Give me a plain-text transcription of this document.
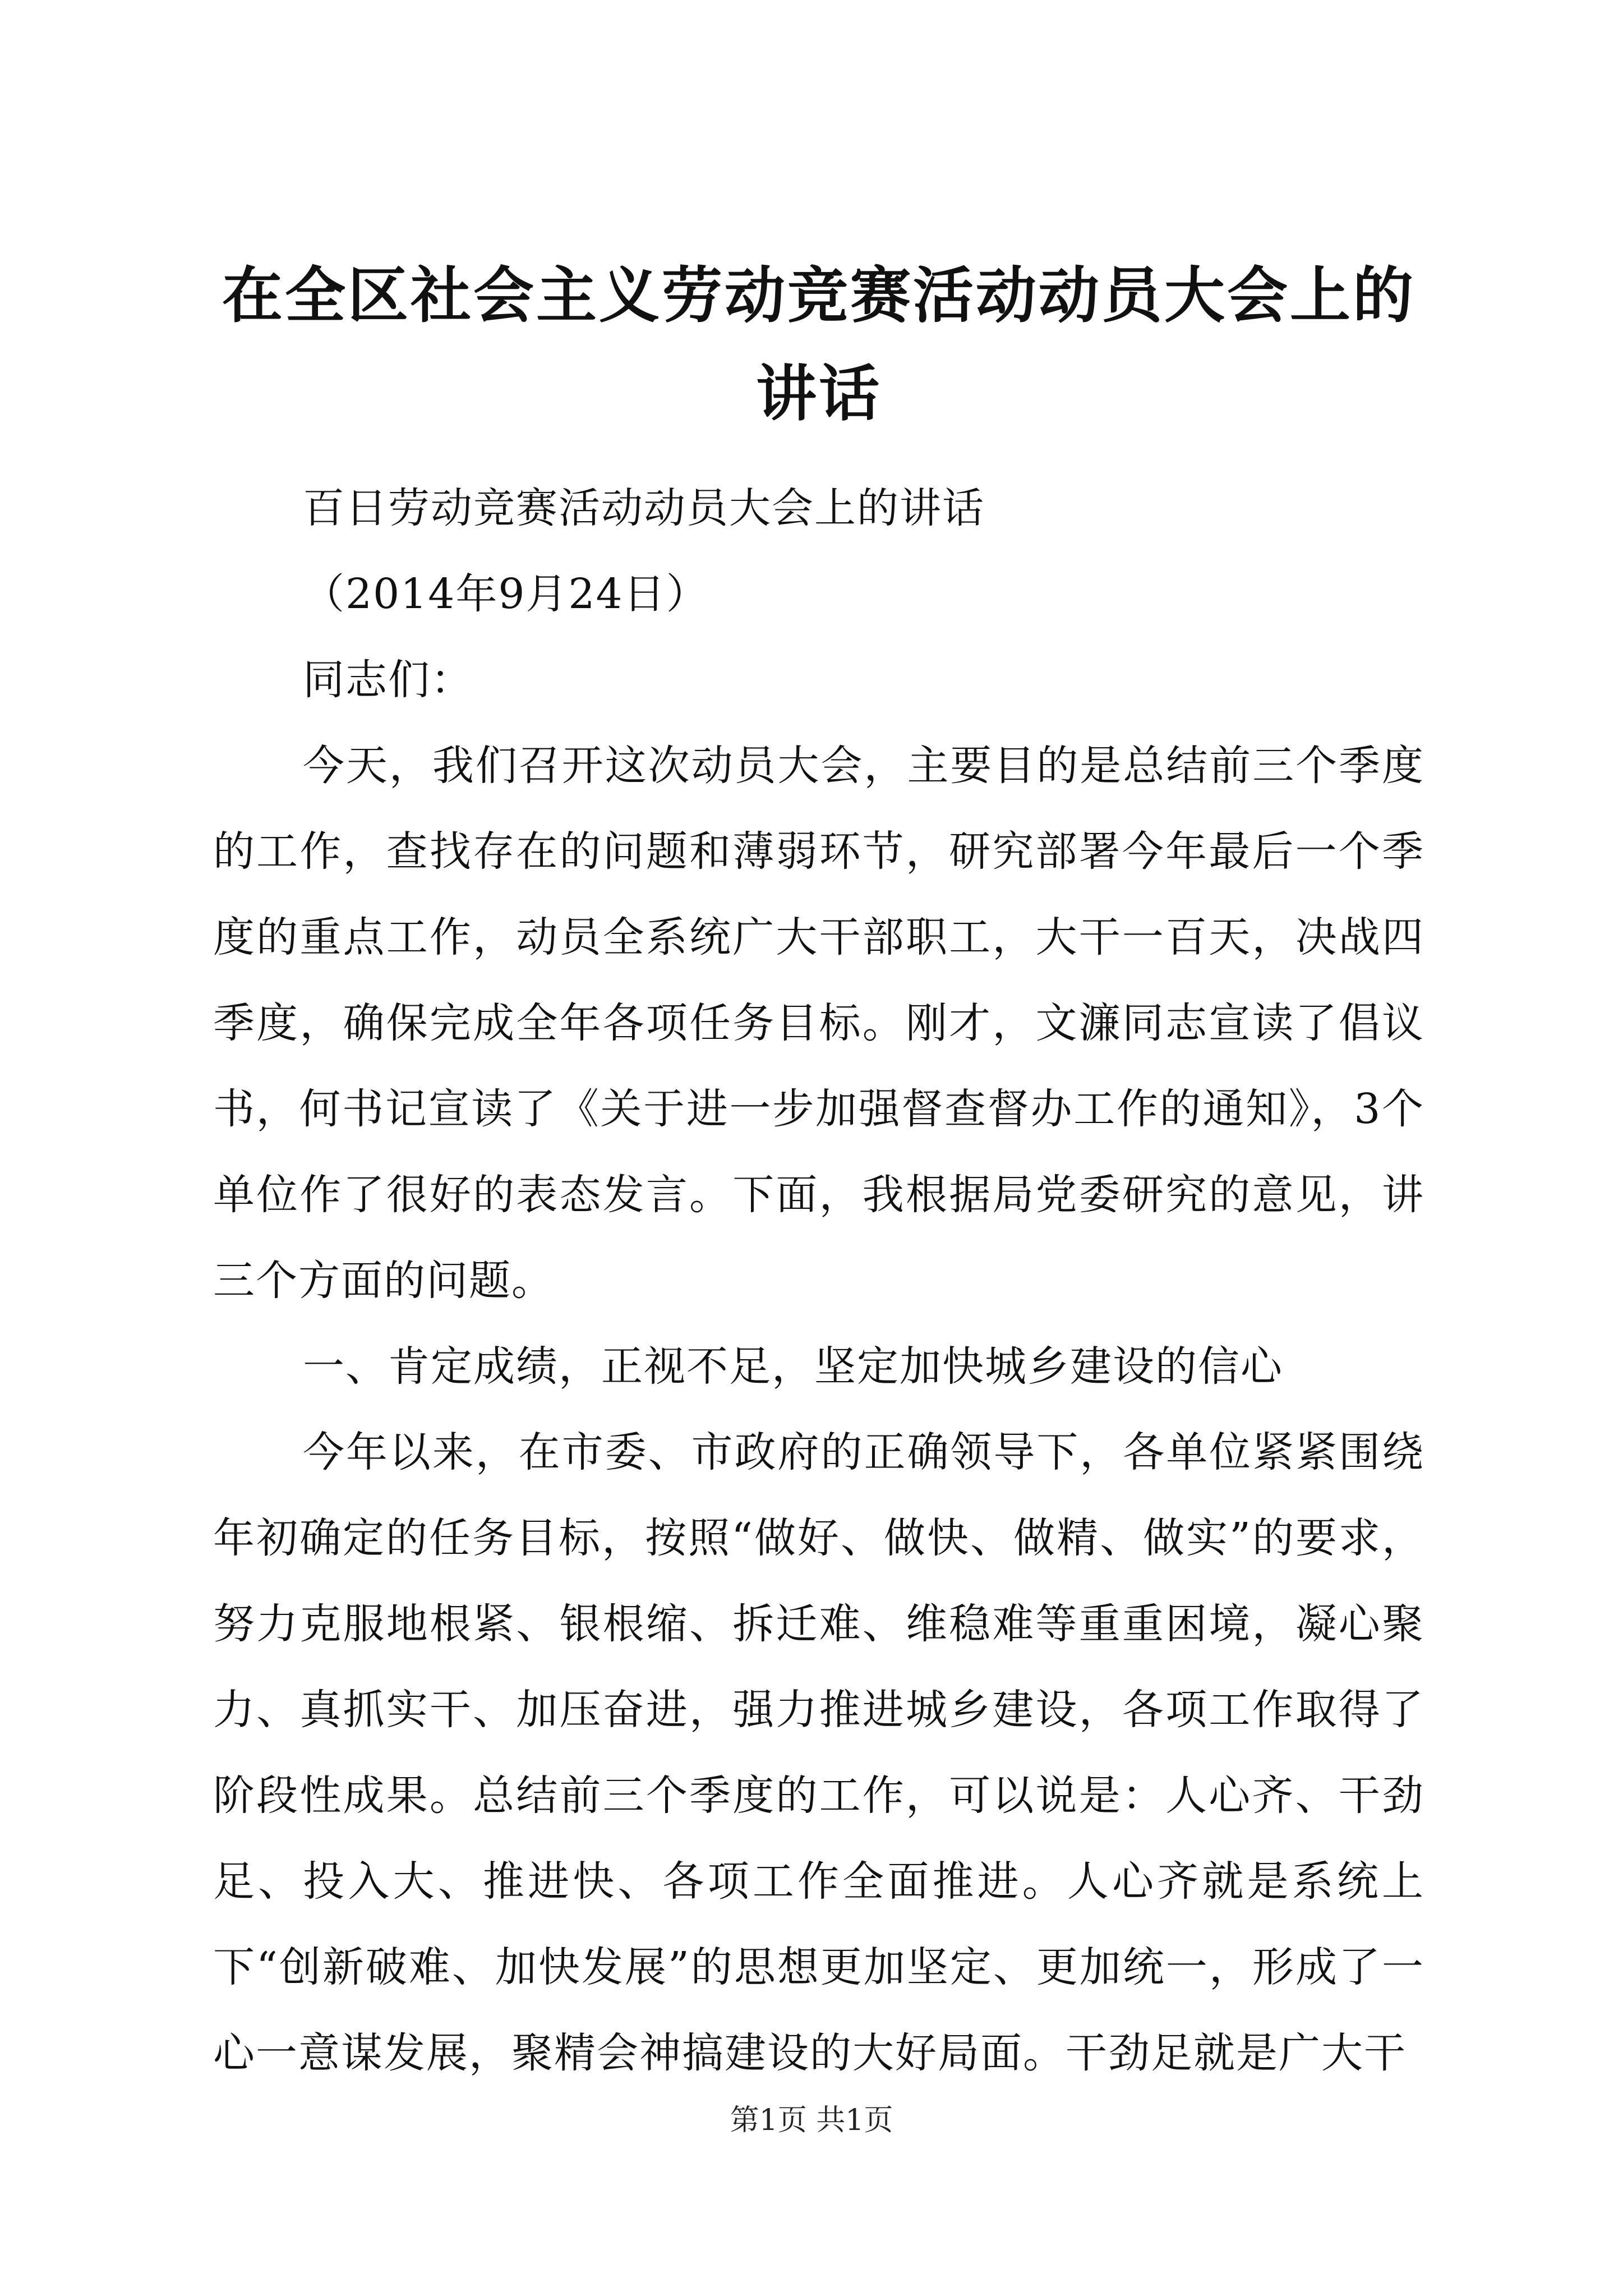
在全区社会主义劳动竞赛活动动员大会上的讲话

百日劳动竞赛活动动员大会上的讲话

（2014年9月24日）

同志们：

今天，我们召开这次动员大会，主要目的是总结前三个季度的工作，查找存在的问题和薄弱环节，研究部署今年最后一个季度的重点工作，动员全系统广大干部职工，大干一百天，决战四季度，确保完成全年各项任务目标。刚才，文濂同志宣读了倡议书，何书记宣读了《关于进一步加强督查督办工作的通知》，3个单位作了很好的表态发言。下面，我根据局党委研究的意见，讲三个方面的问题。

一、肯定成绩，正视不足，坚定加快城乡建设的信心

今年以来，在市委、市政府的正确领导下，各单位紧紧围绕年初确定的任务目标，按照“做好、做快、做精、做实”的要求，努力克服地根紧、银根缩、拆迁难、维稳难等重重困境，凝心聚力、真抓实干、加压奋进，强力推进城乡建设，各项工作取得了阶段性成果。总结前三个季度的工作，可以说是：人心齐、干劲足、投入大、推进快、各项工作全面推进。人心齐就是系统上下“创新破难、加快发展”的思想更加坚定、更加统一，形成了一心一意谋发展，聚精会神搞建设的大好局面。干劲足就是广大干

第1页 共1页
